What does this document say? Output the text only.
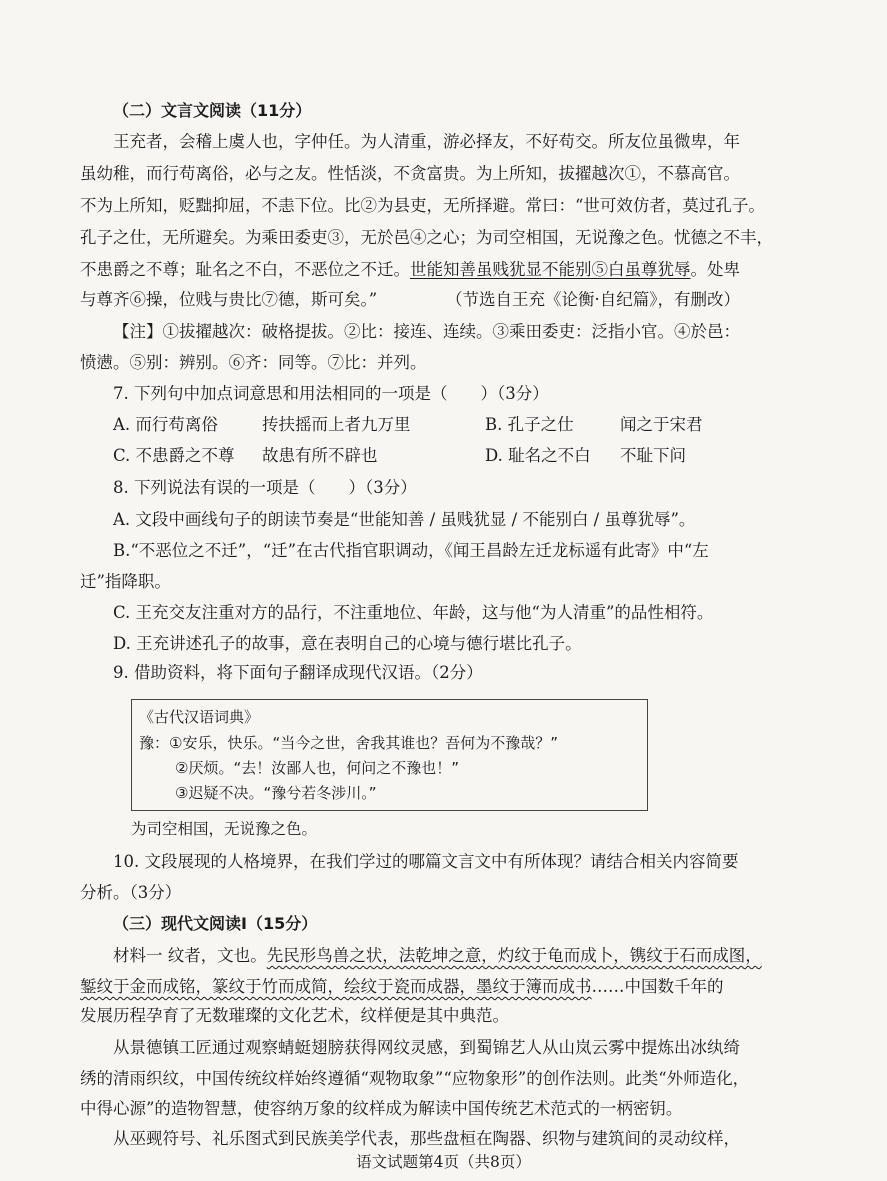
（二）文言文阅读（11分）
王充者，会稽上虞人也，字仲任。为人清重，游必择友，不好苟交。所友位虽微卑，年
虽幼稚，而行苟离俗，必与之友。性恬淡，不贪富贵。为上所知，拔擢越次①，不慕高官。
不为上所知，贬黜抑屈，不恚下位。比②为县吏，无所择避。常曰：“世可效仿者，莫过孔子。
孔子之仕，无所避矣。为乘田委吏③，无於邑④之心；为司空相国，无说豫之色。忧德之不丰，
不患爵之不尊；耻名之不白，不恶位之不迁。世能知善虽贱犹显不能别⑤白虽尊犹辱。处卑
与尊齐⑥操，位贱与贵比⑦德，斯可矣。”	（节选自王充《论衡·自纪篇》，有删改）
【注】①拔擢越次：破格提拔。②比：接连、连续。③乘田委吏：泛指小官。④於邑：
愤懑。⑤别：辨别。⑥齐：同等。⑦比：并列。
7. 下列句中加点词意思和用法相同的一项是（　　）（3分）
A. 而行苟离俗	抟扶摇而上者九万里	B. 孔子之仕	闻之于宋君
C. 不患爵之不尊 故患有所不辟也	D. 耻名之不白 不耻下问
8. 下列说法有误的一项是（　　）（3分）
A. 文段中画线句子的朗读节奏是“世能知善 / 虽贱犹显 / 不能别白 / 虽尊犹辱”。
B.“不恶位之不迁”，“迁”在古代指官职调动，《闻王昌龄左迁龙标遥有此寄》中“左
迁”指降职。
C. 王充交友注重对方的品行，不注重地位、年龄，这与他“为人清重”的品性相符。
D. 王充讲述孔子的故事，意在表明自己的心境与德行堪比孔子。
9. 借助资料，将下面句子翻译成现代汉语。（2分）
《古代汉语词典》
豫：①安乐，快乐。“当今之世，舍我其谁也？吾何为不豫哉？”
②厌烦。“去！汝鄙人也，何问之不豫也！”
③迟疑不决。“豫兮若冬涉川。”
为司空相国，无说豫之色。
10. 文段展现的人格境界，在我们学过的哪篇文言文中有所体现？请结合相关内容简要
分析。（3分）
（三）现代文阅读Ⅰ（15分）
材料一 纹者，文也。先民形鸟兽之状，法乾坤之意，灼纹于龟而成卜，镌纹于石而成图，
錾纹于金而成铭，篆纹于竹而成简，绘纹于瓷而成器，墨纹于簿而成书……中国数千年的
发展历程孕育了无数璀璨的文化艺术，纹样便是其中典范。
从景德镇工匠通过观察蜻蜓翅膀获得网纹灵感，到蜀锦艺人从山岚云雾中提炼出冰纨绮
绣的清雨织纹，中国传统纹样始终遵循“观物取象”“应物象形”的创作法则。此类“外师造化，
中得心源”的造物智慧，使容纳万象的纹样成为解读中国传统艺术范式的一柄密钥。
从巫觋符号、礼乐图式到民族美学代表，那些盘桓在陶器、织物与建筑间的灵动纹样，
语文试题第4页（共8页）
